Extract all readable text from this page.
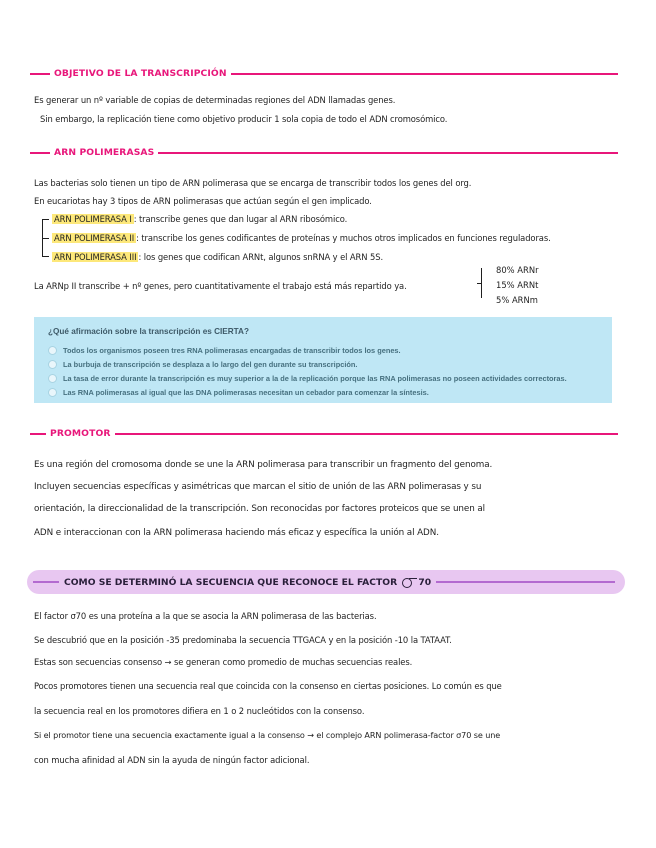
OBJETIVO DE LA TRANSCRIPCIÓN
Es generar un nº variable de copias de determinadas regiones del ADN llamadas genes.
Sin embargo, la replicación tiene como objetivo producir 1 sola copia de todo el ADN cromosómico.
ARN POLIMERASAS
Las bacterias solo tienen un tipo de ARN polimerasa que se encarga de transcribir todos los genes del org.
En eucariotas hay 3 tipos de ARN polimerasas que actúan según el gen implicado.
ARN POLIMERASA I : transcribe genes que dan lugar al ARN ribosómico.
ARN POLIMERASA II : transcribe los genes codificantes de proteínas y muchos otros implicados en funciones reguladoras.
ARN POLIMERASA III : los genes que codifican ARNt, algunos snRNA y el ARN 5S.
La ARNp II transcribe + nº genes, pero cuantitativamente el trabajo está más repartido ya.
80% ARNr
15% ARNt
5% ARNm
¿Qué afirmación sobre la transcripción es CIERTA?
Todos los organismos poseen tres RNA polimerasas encargadas de transcribir todos los genes.
La burbuja de transcripción se desplaza a lo largo del gen durante su transcripción.
La tasa de error durante la transcripción es muy superior a la de la replicación porque las RNA polimerasas no poseen actividades correctoras.
Las RNA polimerasas al igual que las DNA polimerasas necesitan un cebador para comenzar la síntesis.
PROMOTOR
Es una región del cromosoma donde se une la ARN polimerasa para transcribir un fragmento del genoma.
Incluyen secuencias específicas y asimétricas que marcan el sitio de unión de las ARN polimerasas y su
orientación, la direccionalidad de la transcripción. Son reconocidas por factores proteicos que se unen al
ADN e interaccionan con la ARN polimerasa haciendo más eficaz y específica la unión al ADN.
COMO SE DETERMINÓ LA SECUENCIA QUE RECONOCE EL FACTOR 70
El factor σ70 es una proteína a la que se asocia la ARN polimerasa de las bacterias.
Se descubrió que en la posición -35 predominaba la secuencia TTGACA y en la posición -10 la TATAAT.
Estas son secuencias consenso → se generan como promedio de muchas secuencias reales.
Pocos promotores tienen una secuencia real que coincida con la consenso en ciertas posiciones. Lo común es que
la secuencia real en los promotores difiera en 1 o 2 nucleótidos con la consenso.
Si el promotor tiene una secuencia exactamente igual a la consenso → el complejo ARN polimerasa-factor σ70 se une
con mucha afinidad al ADN sin la ayuda de ningún factor adicional.
